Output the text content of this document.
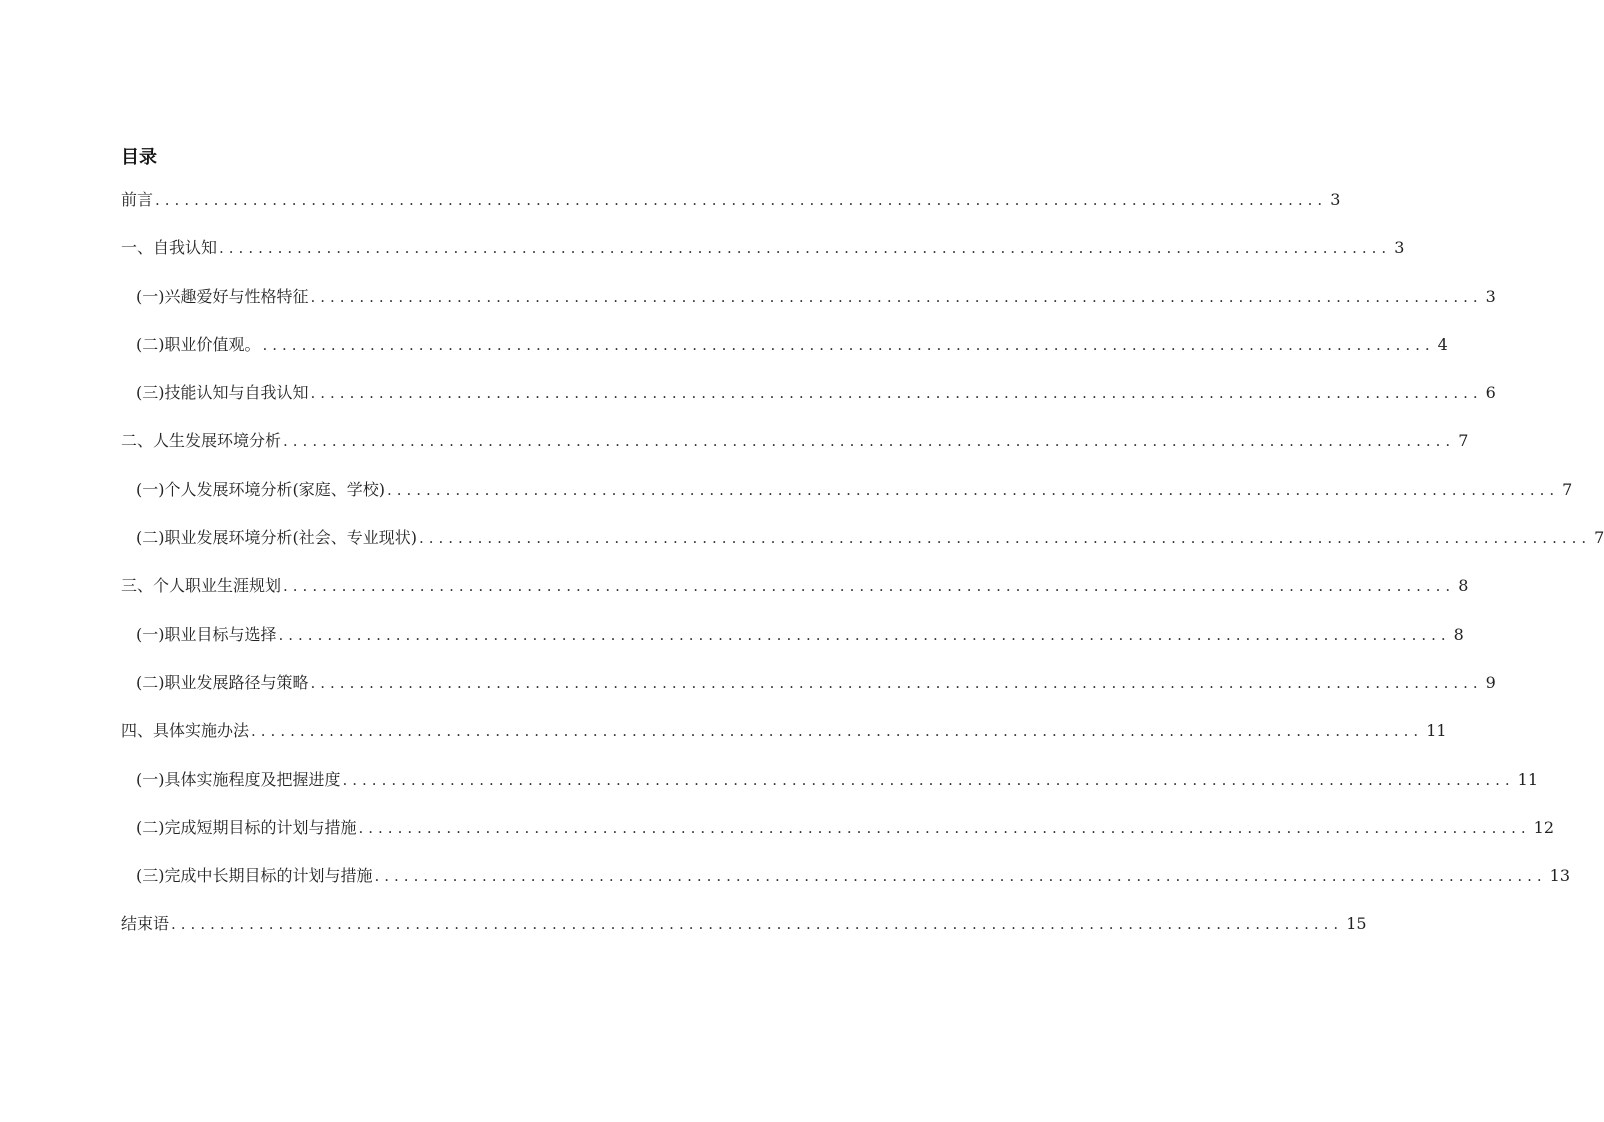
目录
前言 ........................................................................................................................ 3
一、自我认知 ........................................................................................................................ 3
(一)兴趣爱好与性格特征 ........................................................................................................................ 3
(二)职业价值观。 ........................................................................................................................ 4
(三)技能认知与自我认知 ........................................................................................................................ 6
二、人生发展环境分析 ........................................................................................................................ 7
(一)个人发展环境分析(家庭、学校) ........................................................................................................................ 7
(二)职业发展环境分析(社会、专业现状) ........................................................................................................................ 7
三、个人职业生涯规划 ........................................................................................................................ 8
(一)职业目标与选择 ........................................................................................................................ 8
(二)职业发展路径与策略 ........................................................................................................................ 9
四、具体实施办法 ........................................................................................................................ 11
(一)具体实施程度及把握进度 ........................................................................................................................ 11
(二)完成短期目标的计划与措施 ........................................................................................................................ 12
(三)完成中长期目标的计划与措施 ........................................................................................................................ 13
结束语 ........................................................................................................................ 15
